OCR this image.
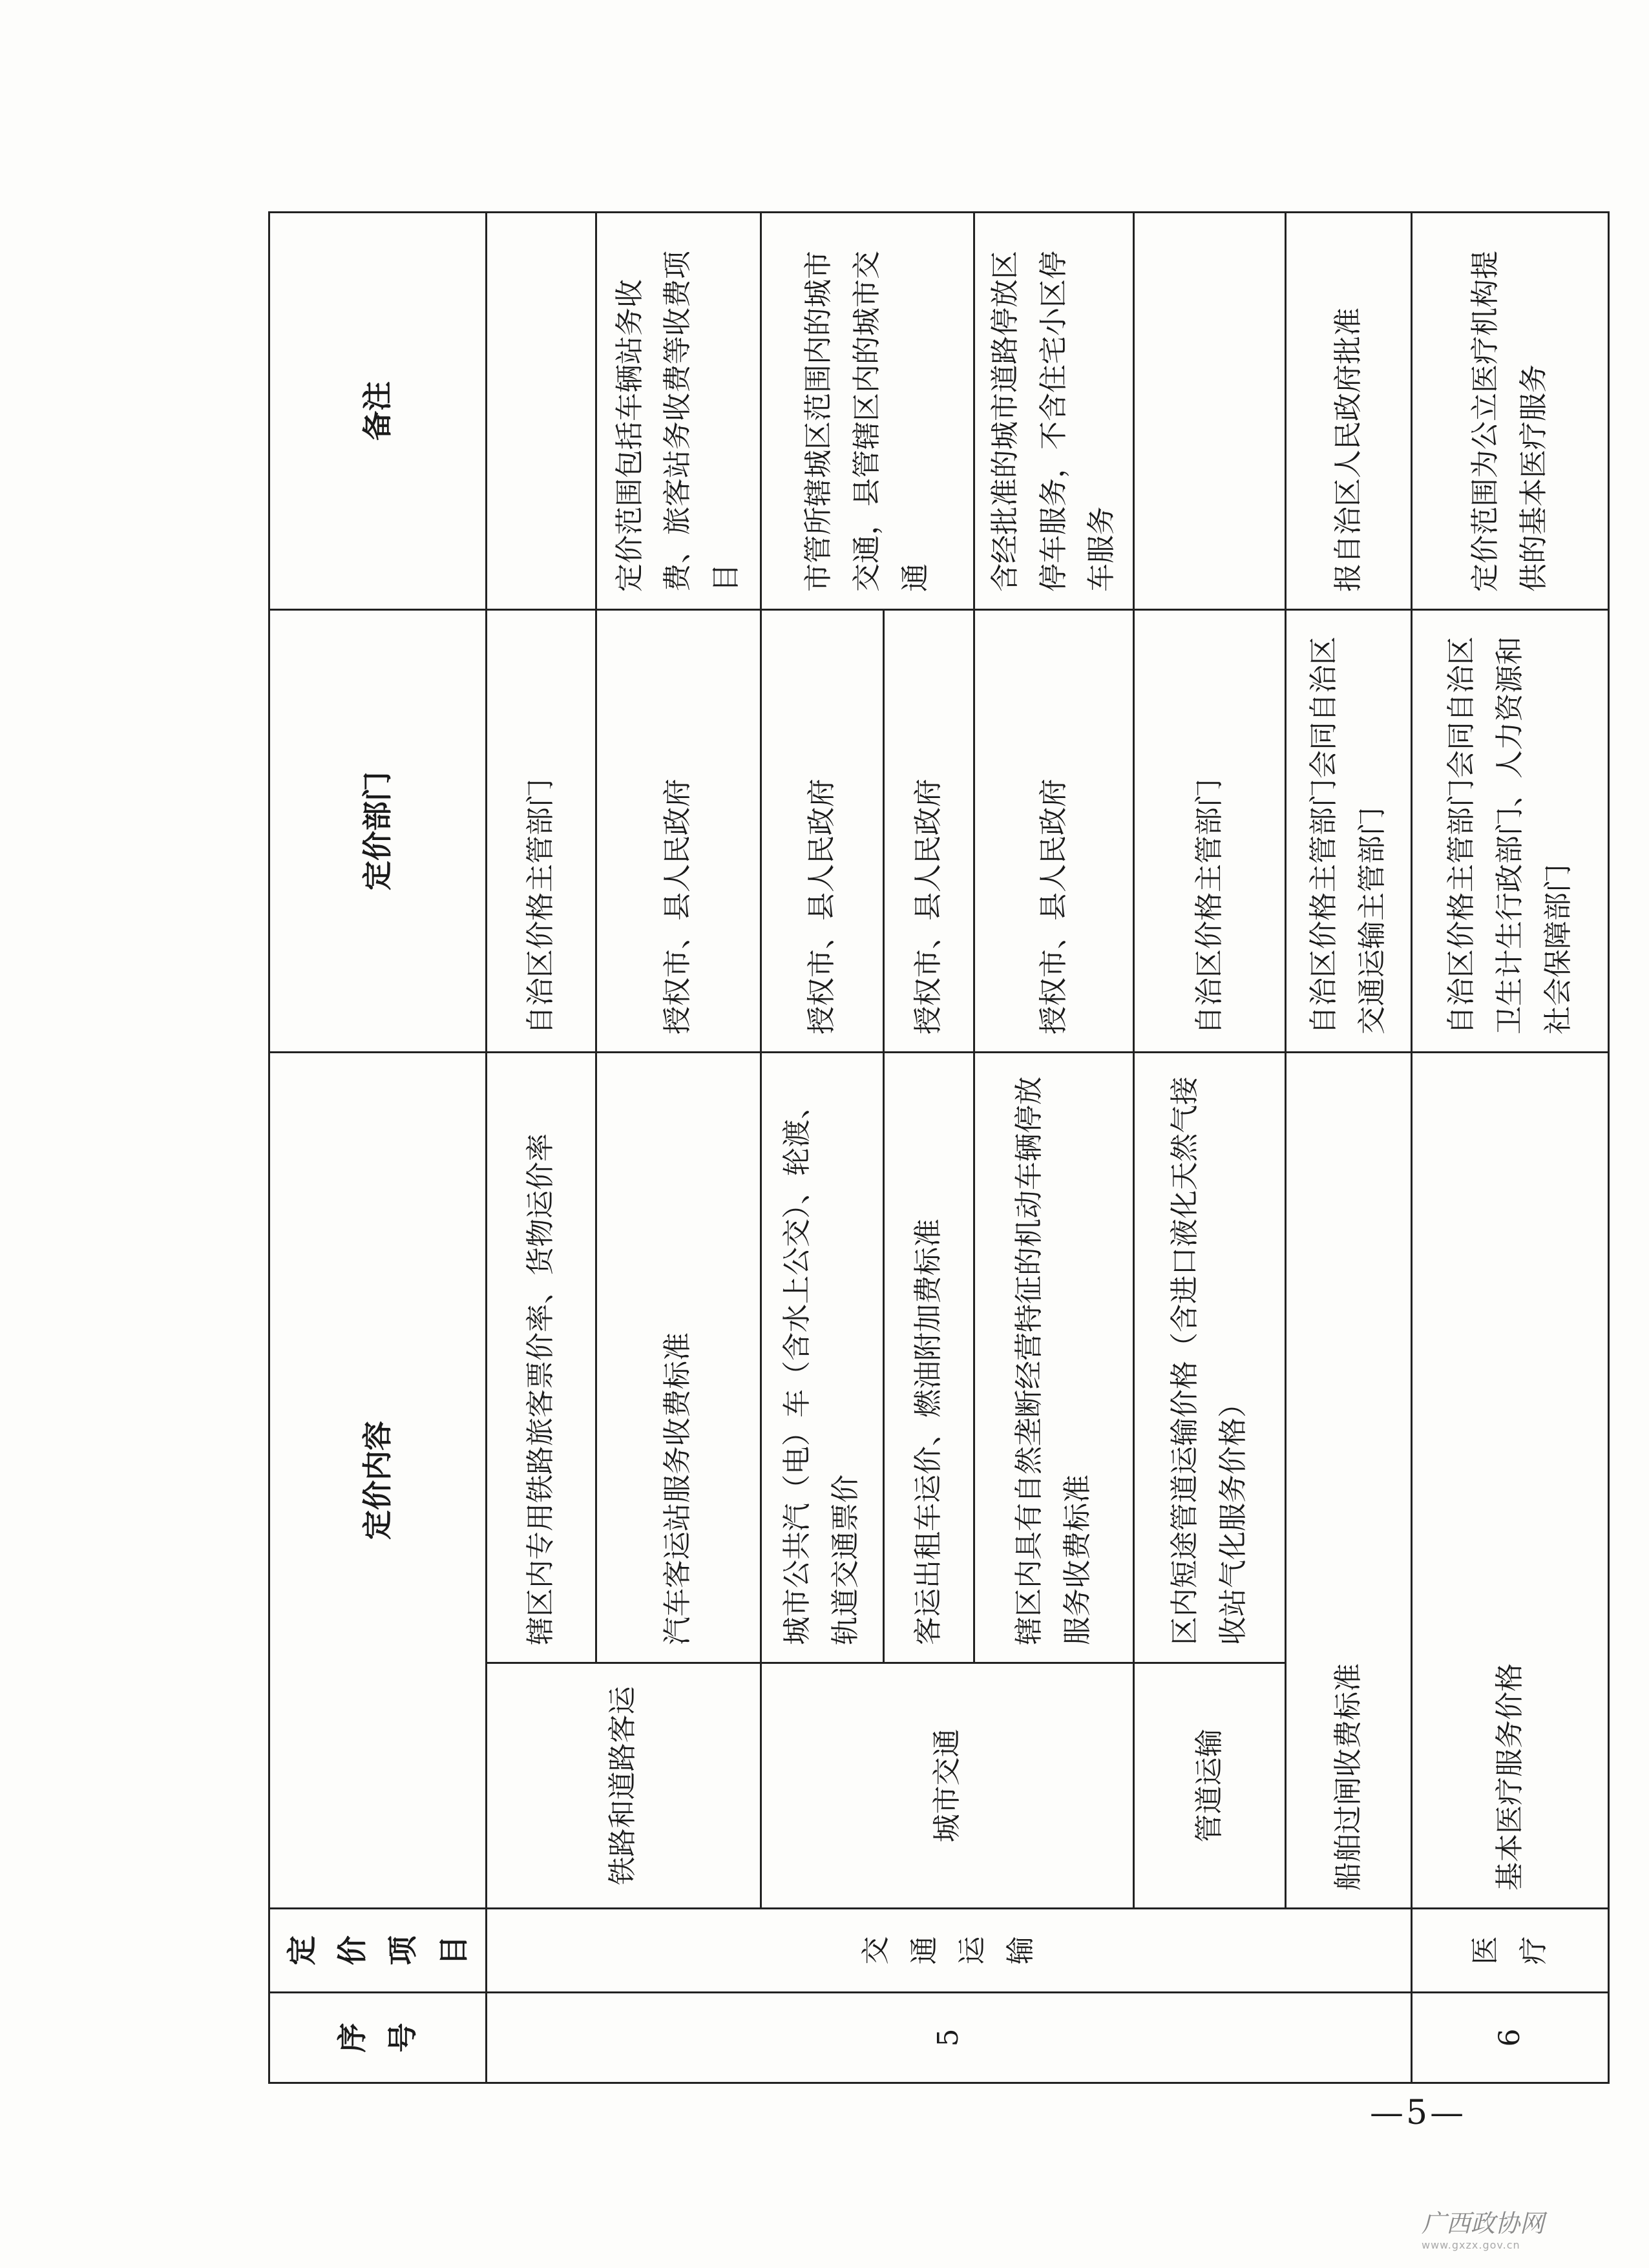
序号	定价项目	定价内容		定价部门	备注
5	交通运输	铁路和道路客运	辖区内专用铁路旅客票价率、货物运价率	自治区价格主管部门	
			汽车客运站服务收费标准	授权市、县人民政府	定价范围包括车辆站务收费、旅客站务收费等收费项目
		城市交通	城市公共汽（电）车（含水上公交）、轮渡、轨道交通票价	授权市、县人民政府	市管所辖城区范围内的城市交通，县管辖区内的城市交通
			客运出租车运价、燃油附加费标准	授权市、县人民政府	
			辖区内具有自然垄断经营特征的机动车辆停放服务收费标准	授权市、县人民政府	含经批准的城市道路停放区停车服务，不含住宅小区停车服务
		管道运输	区内短途管道运输价格（含进口液化天然气接收站气化服务价格）	自治区价格主管部门	
		船舶过闸收费标准		自治区价格主管部门会同自治区交通运输主管部门	报自治区人民政府批准
6	医疗	基本医疗服务价格		自治区价格主管部门会同自治区卫生计生行政部门、人力资源和社会保障部门	定价范围为公立医疗机构提供的基本医疗服务
—5—
广西政协网
www.gxzx.gov.cn
